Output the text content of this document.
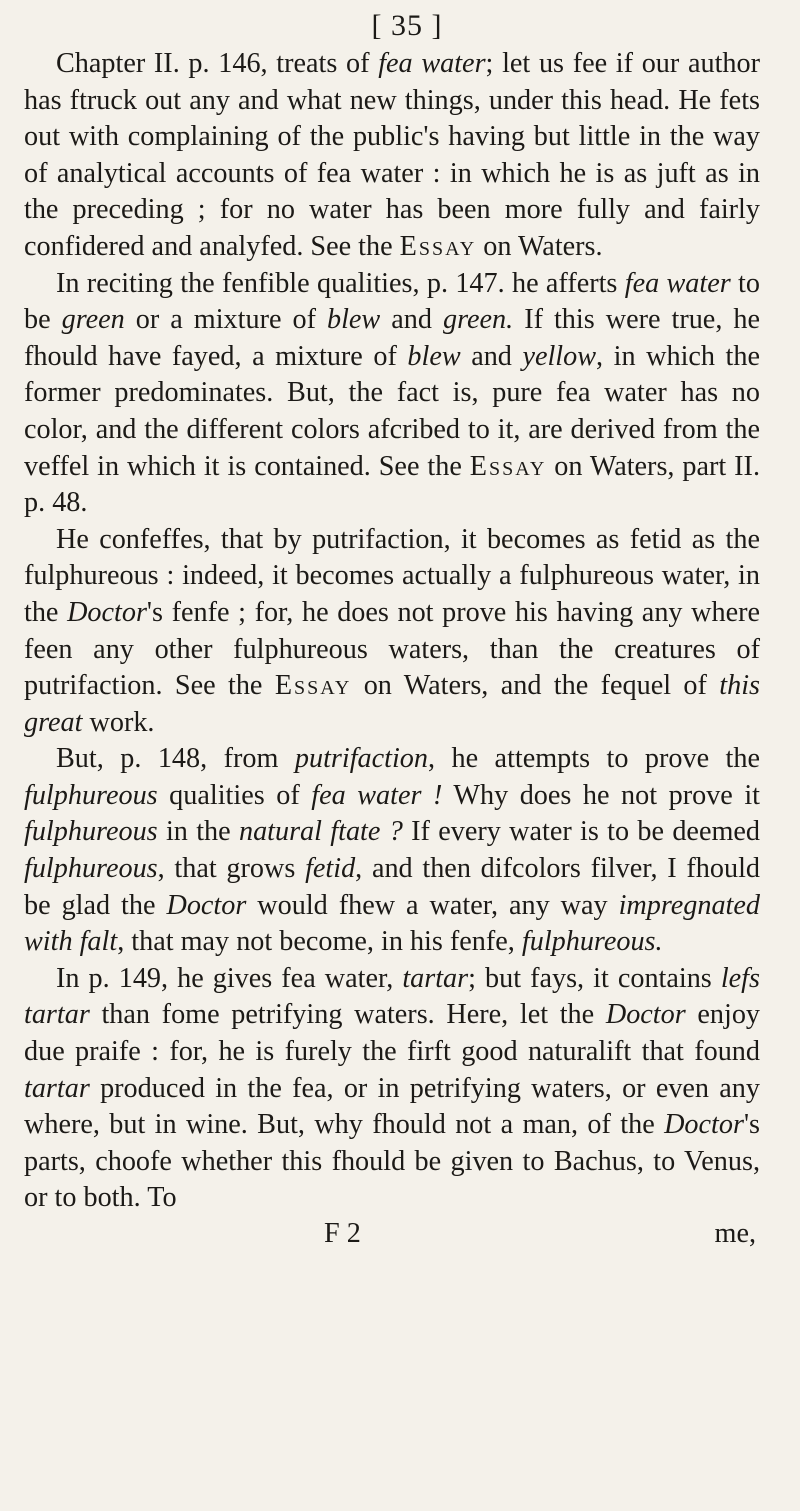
[ 35 ]

Chapter II. p. 146, treats of fea water; let us fee if our author has ftruck out any and what new things, under this head. He fets out with complaining of the public's having but little in the way of analytical accounts of fea water : in which he is as juft as in the preceding ; for no water has been more fully and fairly confidered and analyfed. See the Essay on Waters.

In reciting the fenfible qualities, p. 147. he afferts fea water to be green or a mixture of blew and green. If this were true, he fhould have fayed, a mixture of blew and yellow, in which the former predominates. But, the fact is, pure fea water has no color, and the different colors afcribed to it, are derived from the veffel in which it is contained. See the Essay on Waters, part II. p. 48.

He confeffes, that by putrifaction, it becomes as fetid as the fulphureous : indeed, it becomes actually a fulphureous water, in the Doctor's fenfe ; for, he does not prove his having any where feen any other fulphureous waters, than the creatures of putrifaction. See the Essay on Waters, and the fequel of this great work.

But, p. 148, from putrifaction, he attempts to prove the fulphureous qualities of fea water ! Why does he not prove it fulphureous in the natural ftate ? If every water is to be deemed fulphureous, that grows fetid, and then difcolors filver, I fhould be glad the Doctor would fhew a water, any way impregnated with falt, that may not become, in his fenfe, fulphureous.

In p. 149, he gives fea water, tartar; but fays, it contains lefs tartar than fome petrifying waters. Here, let the Doctor enjoy due praife : for, he is furely the firft good naturalift that found tartar produced in the fea, or in petrifying waters, or even any where, but in wine. But, why fhould not a man, of the Doctor's parts, choofe whether this fhould be given to Bachus, to Venus, or to both. To

F 2	me,
